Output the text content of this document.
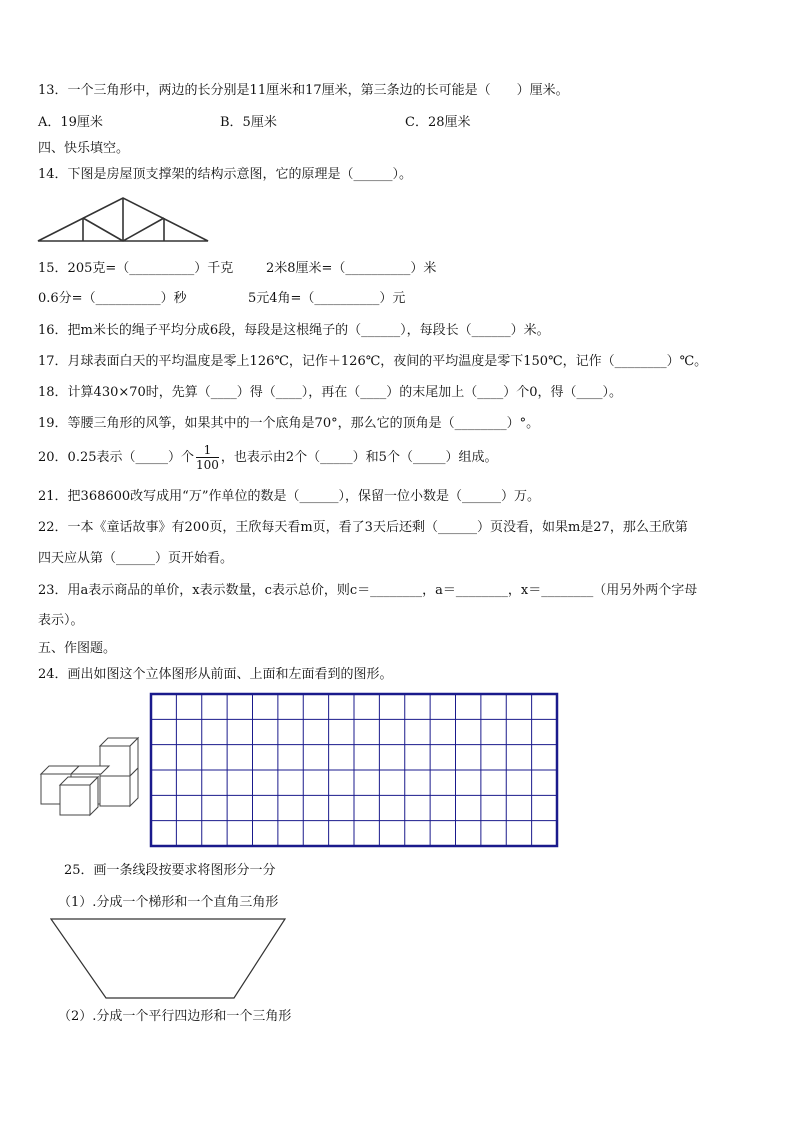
13．一个三角形中，两边的长分别是11厘米和17厘米，第三条边的长可能是（　　）厘米。
A．19厘米	B．5厘米	C．28厘米
四、快乐填空。
14．下图是房屋顶支撑架的结构示意图，它的原理是（______）。
15．205克=（__________）千克	2米8厘米=（__________）米
0.6分=（__________）秒	5元4角=（__________）元
16．把m米长的绳子平均分成6段，每段是这根绳子的（______），每段长（______）米。
17．月球表面白天的平均温度是零上126℃，记作＋126℃，夜间的平均温度是零下150℃，记作（________）℃。
18．计算430×70时，先算（____）得（____），再在（____）的末尾加上（____）个0，得（____）。
19．等腰三角形的风筝，如果其中的一个底角是70°，那么它的顶角是（________）°。
20．0.25表示（_____）个 $\frac{1}{100}$ ，也表示由2个（_____）和5个（_____）组成。
21．把368600改写成用“万”作单位的数是（______），保留一位小数是（______）万。
22．一本《童话故事》有200页，王欣每天看m页，看了3天后还剩（______）页没看，如果m是27，那么王欣第
四天应从第（______）页开始看。
23．用a表示商品的单价，x表示数量，c表示总价，则c＝________，a＝________，x＝________（用另外两个字母
表示）。
五、作图题。
24．画出如图这个立体图形从前面、上面和左面看到的图形。
25．画一条线段按要求将图形分一分
（1）.分成一个梯形和一个直角三角形
（2）.分成一个平行四边形和一个三角形
